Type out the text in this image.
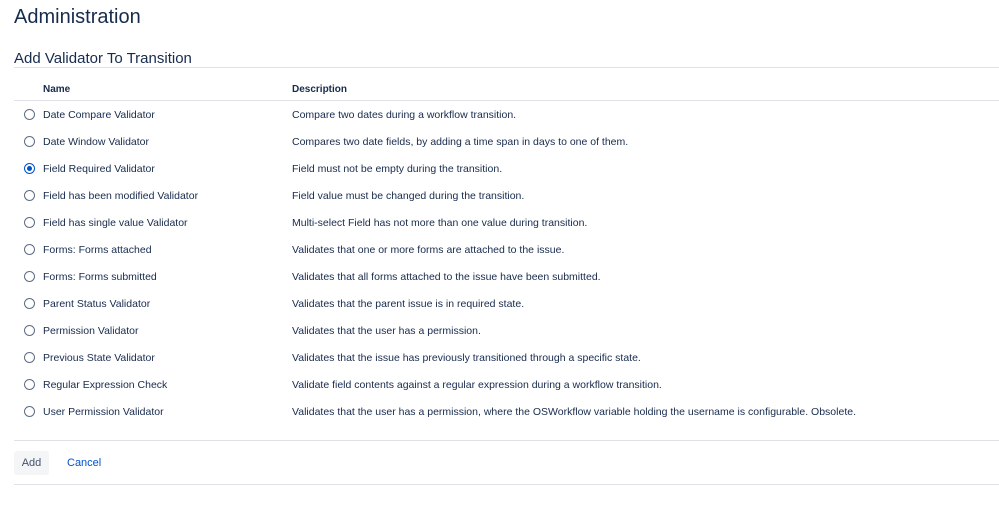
Administration
Add Validator To Transition
	Name	Description
	Date Compare Validator	Compare two dates during a workflow transition.
	Date Window Validator	Compares two date fields, by adding a time span in days to one of them.
	Field Required Validator	Field must not be empty during the transition.
	Field has been modified Validator	Field value must be changed during the transition.
	Field has single value Validator	Multi-select Field has not more than one value during transition.
	Forms: Forms attached	Validates that one or more forms are attached to the issue.
	Forms: Forms submitted	Validates that all forms attached to the issue have been submitted.
	Parent Status Validator	Validates that the parent issue is in required state.
	Permission Validator	Validates that the user has a permission.
	Previous State Validator	Validates that the issue has previously transitioned through a specific state.
	Regular Expression Check	Validate field contents against a regular expression during a workflow transition.
	User Permission Validator	Validates that the user has a permission, where the OSWorkflow variable holding the username is configurable. Obsolete.
Add	Cancel
